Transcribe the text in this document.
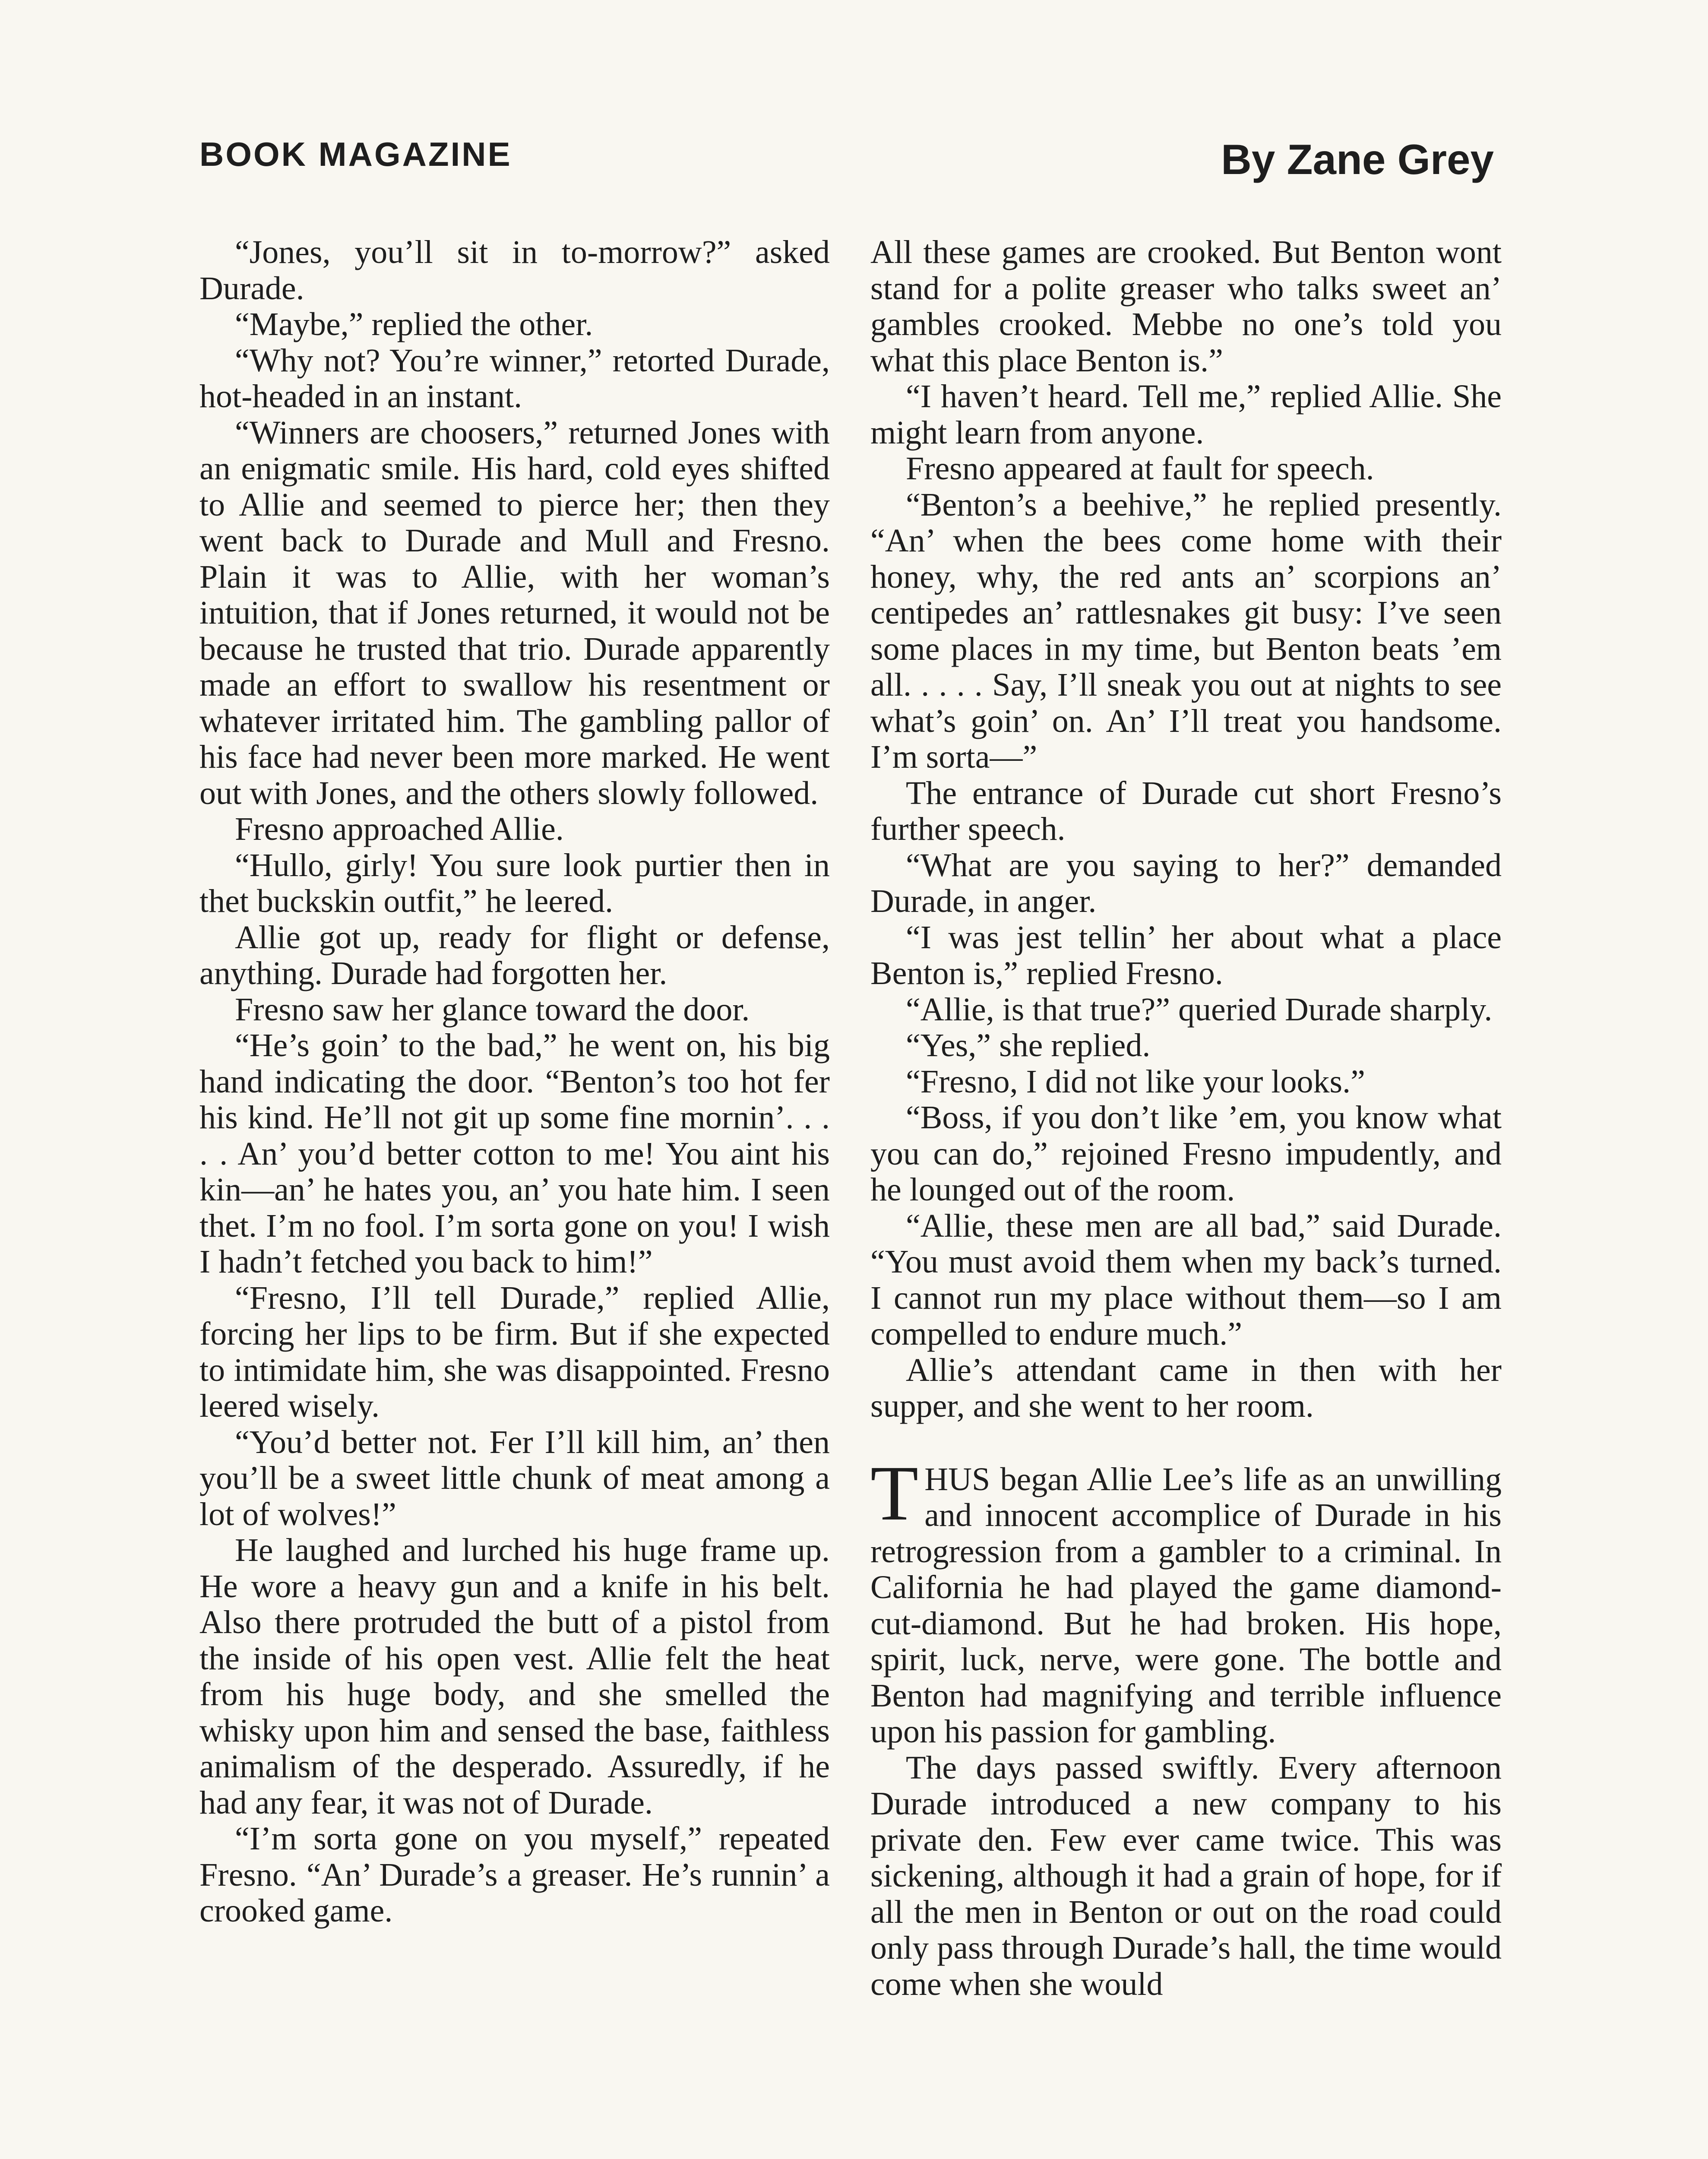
BOOK MAGAZINE	By Zane Grey

“Jones, you’ll sit in to-morrow?” asked Durade.

“Maybe,” replied the other.

“Why not? You’re winner,” retorted Durade, hot-headed in an instant.

“Winners are choosers,” returned Jones with an enigmatic smile. His hard, cold eyes shifted to Allie and seemed to pierce her; then they went back to Durade and Mull and Fresno. Plain it was to Allie, with her woman’s intuition, that if Jones returned, it would not be because he trusted that trio. Durade apparently made an effort to swallow his resentment or whatever irritated him. The gambling pallor of his face had never been more marked. He went out with Jones, and the others slowly followed.

Fresno approached Allie.

“Hullo, girly! You sure look purtier then in thet buckskin outfit,” he leered.

Allie got up, ready for flight or defense, anything. Durade had forgotten her.

Fresno saw her glance toward the door.

“He’s goin’ to the bad,” he went on, his big hand indicating the door. “Benton’s too hot fer his kind. He’ll not git up some fine mornin’. . . . . An’ you’d better cotton to me! You aint his kin—an’ he hates you, an’ you hate him. I seen thet. I’m no fool. I’m sorta gone on you! I wish I hadn’t fetched you back to him!”

“Fresno, I’ll tell Durade,” replied Allie, forcing her lips to be firm. But if she expected to intimidate him, she was disappointed. Fresno leered wisely.

“You’d better not. Fer I’ll kill him, an’ then you’ll be a sweet little chunk of meat among a lot of wolves!”

He laughed and lurched his huge frame up. He wore a heavy gun and a knife in his belt. Also there protruded the butt of a pistol from the inside of his open vest. Allie felt the heat from his huge body, and she smelled the whisky upon him and sensed the base, faithless animalism of the desperado. Assuredly, if he had any fear, it was not of Durade.

“I’m sorta gone on you myself,” repeated Fresno. “An’ Durade’s a greaser. He’s runnin’ a crooked game.

All these games are crooked. But Benton wont stand for a polite greaser who talks sweet an’ gambles crooked. Mebbe no one’s told you what this place Benton is.”

“I haven’t heard. Tell me,” replied Allie. She might learn from anyone.

Fresno appeared at fault for speech.

“Benton’s a beehive,” he replied presently. “An’ when the bees come home with their honey, why, the red ants an’ scorpions an’ centipedes an’ rattlesnakes git busy: I’ve seen some places in my time, but Benton beats ’em all. . . . . Say, I’ll sneak you out at nights to see what’s goin’ on. An’ I’ll treat you handsome. I’m sorta—”

The entrance of Durade cut short Fresno’s further speech.

“What are you saying to her?” demanded Durade, in anger.

“I was jest tellin’ her about what a place Benton is,” replied Fresno.

“Allie, is that true?” queried Durade sharply.

“Yes,” she replied.

“Fresno, I did not like your looks.”

“Boss, if you don’t like ’em, you know what you can do,” rejoined Fresno impudently, and he lounged out of the room.

“Allie, these men are all bad,” said Durade. “You must avoid them when my back’s turned. I cannot run my place without them—so I am compelled to endure much.”

Allie’s attendant came in then with her supper, and she went to her room.

THUS began Allie Lee’s life as an unwilling and innocent accomplice of Durade in his retrogression from a gambler to a criminal. In California he had played the game diamond-cut-diamond. But he had broken. His hope, spirit, luck, nerve, were gone. The bottle and Benton had magnifying and terrible influence upon his passion for gambling.

The days passed swiftly. Every afternoon Durade introduced a new company to his private den. Few ever came twice. This was sickening, although it had a grain of hope, for if all the men in Benton or out on the road could only pass through Durade’s hall, the time would come when she would
